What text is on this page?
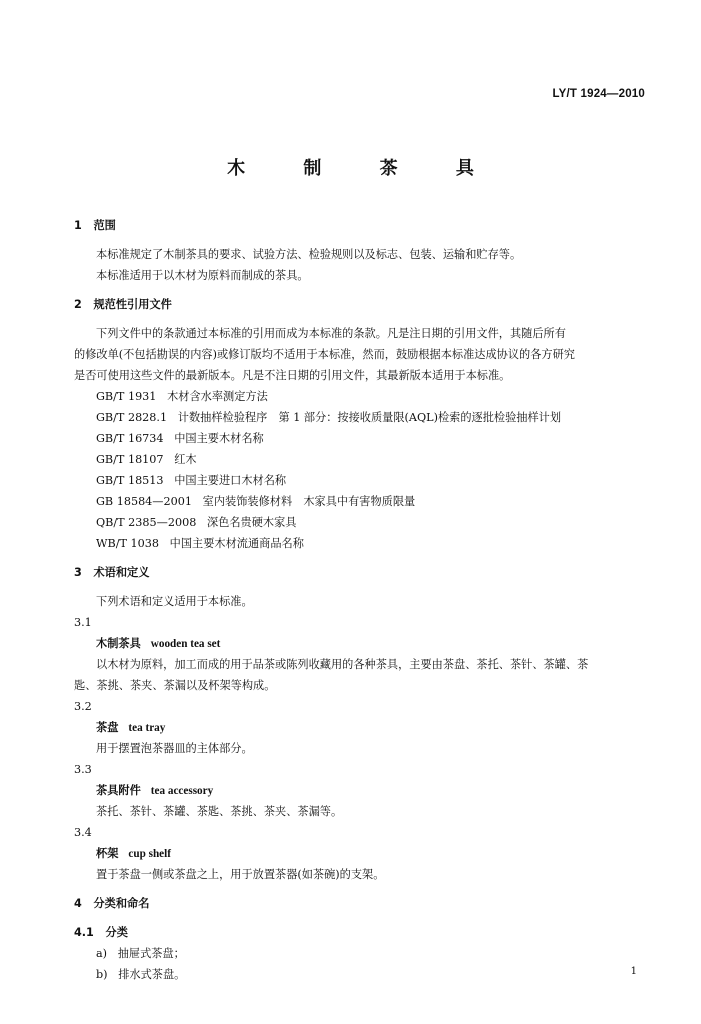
LY/T 1924—2010
木 制 茶 具
1 范围
本标准规定了木制茶具的要求、试验方法、检验规则以及标志、包装、运输和贮存等。
本标准适用于以木材为原料而制成的茶具。
2 规范性引用文件
下列文件中的条款通过本标准的引用而成为本标准的条款。凡是注日期的引用文件，其随后所有
的修改单(不包括勘误的内容)或修订版均不适用于本标准，然而，鼓励根据本标准达成协议的各方研究
是否可使用这些文件的最新版本。凡是不注日期的引用文件，其最新版本适用于本标准。
GB/T 1931 木材含水率测定方法
GB/T 2828.1 计数抽样检验程序　第 1 部分：按接收质量限(AQL)检索的逐批检验抽样计划
GB/T 16734 中国主要木材名称
GB/T 18107 红木
GB/T 18513 中国主要进口木材名称
GB 18584—2001 室内装饰装修材料　木家具中有害物质限量
QB/T 2385—2008 深色名贵硬木家具
WB/T 1038 中国主要木材流通商品名称
3 术语和定义
下列术语和定义适用于本标准。
3.1
木制茶具 wooden tea set
以木材为原料，加工而成的用于品茶或陈列收藏用的各种茶具，主要由茶盘、茶托、茶针、茶罐、茶
匙、茶挑、茶夹、茶漏以及杯架等构成。
3.2
茶盘 tea tray
用于摆置泡茶器皿的主体部分。
3.3
茶具附件 tea accessory
茶托、茶针、茶罐、茶匙、茶挑、茶夹、茶漏等。
3.4
杯架 cup shelf
置于茶盘一侧或茶盘之上，用于放置茶器(如茶碗)的支架。
4 分类和命名
4.1 分类
a) 抽屉式茶盘；
b) 排水式茶盘。	1
